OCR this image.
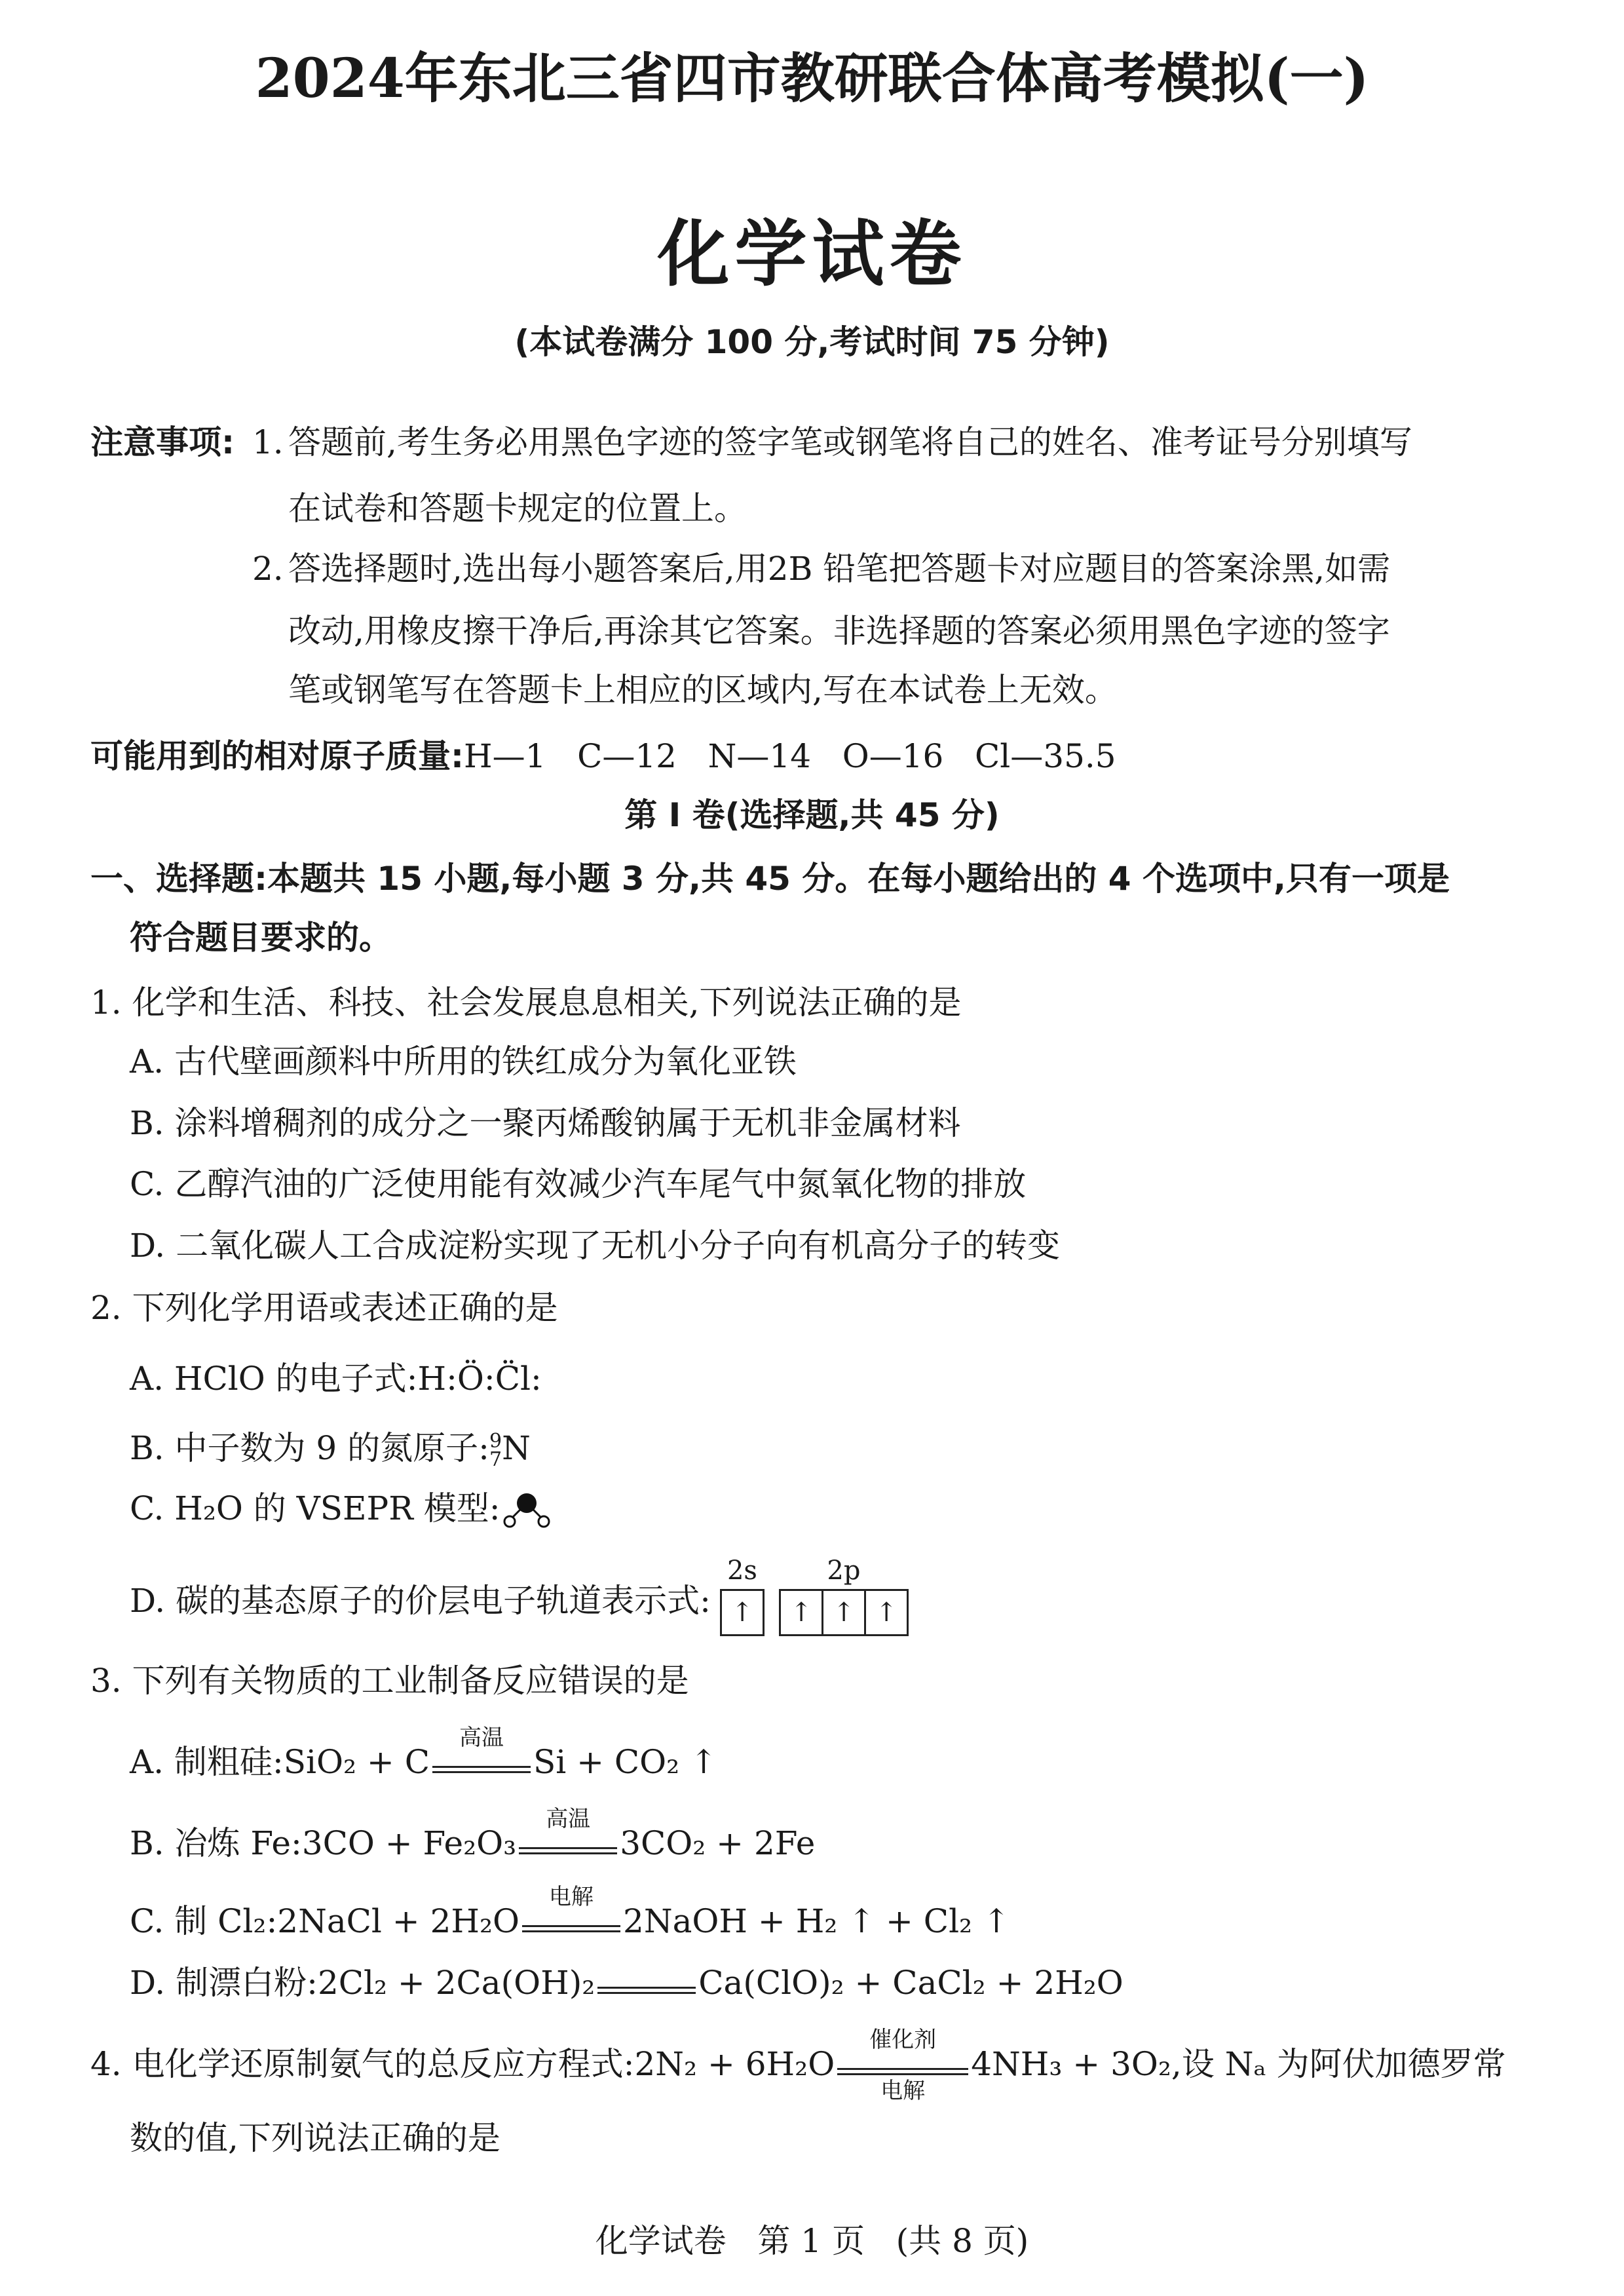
2024年东北三省四市教研联合体高考模拟(一)
化学试卷
(本试卷满分 100 分,考试时间 75 分钟)
注意事项: 1. 答题前,考生务必用黑色字迹的签字笔或钢笔将自己的姓名、准考证号分别填写
在试卷和答题卡规定的位置上。
2. 答选择题时,选出每小题答案后,用2B 铅笔把答题卡对应题目的答案涂黑,如需
改动,用橡皮擦干净后,再涂其它答案。非选择题的答案必须用黑色字迹的签字
笔或钢笔写在答题卡上相应的区域内,写在本试卷上无效。
可能用到的相对原子质量:H—1   C—12   N—14   O—16   Cl—35.5
第 I 卷(选择题,共 45 分)
一、选择题:本题共 15 小题,每小题 3 分,共 45 分。在每小题给出的 4 个选项中,只有一项是
符合题目要求的。
1. 化学和生活、科技、社会发展息息相关,下列说法正确的是
A. 古代壁画颜料中所用的铁红成分为氧化亚铁
B. 涂料增稠剂的成分之一聚丙烯酸钠属于无机非金属材料
C. 乙醇汽油的广泛使用能有效减少汽车尾气中氮氧化物的排放
D. 二氧化碳人工合成淀粉实现了无机小分子向有机高分子的转变
2. 下列化学用语或表述正确的是
A. HClO 的电子式:H:Ö:C̈l:
B. 中子数为 9 的氮原子: 9
7 N
C. H₂O 的 VSEPR 模型:
D. 碳的基态原子的价层电子轨道表示式:
2s
↑
2p
↑ ↑ ↑
3. 下列有关物质的工业制备反应错误的是
A. 制粗硅:SiO₂ + C
高温
Si + CO₂ ↑
B. 冶炼 Fe:3CO + Fe₂O₃
高温
3CO₂ + 2Fe
C. 制 Cl₂:2NaCl + 2H₂O
电解
2NaOH + H₂ ↑ + Cl₂ ↑
D. 制漂白粉:2Cl₂ + 2Ca(OH)₂	Ca(ClO)₂ + CaCl₂ + 2H₂O
4. 电化学还原制氨气的总反应方程式:2N₂ + 6H₂O
催化剂
电解
4NH₃ + 3O₂,设 Nₐ 为阿伏加德罗常
数的值,下列说法正确的是
化学试卷   第 1 页   (共 8 页)
